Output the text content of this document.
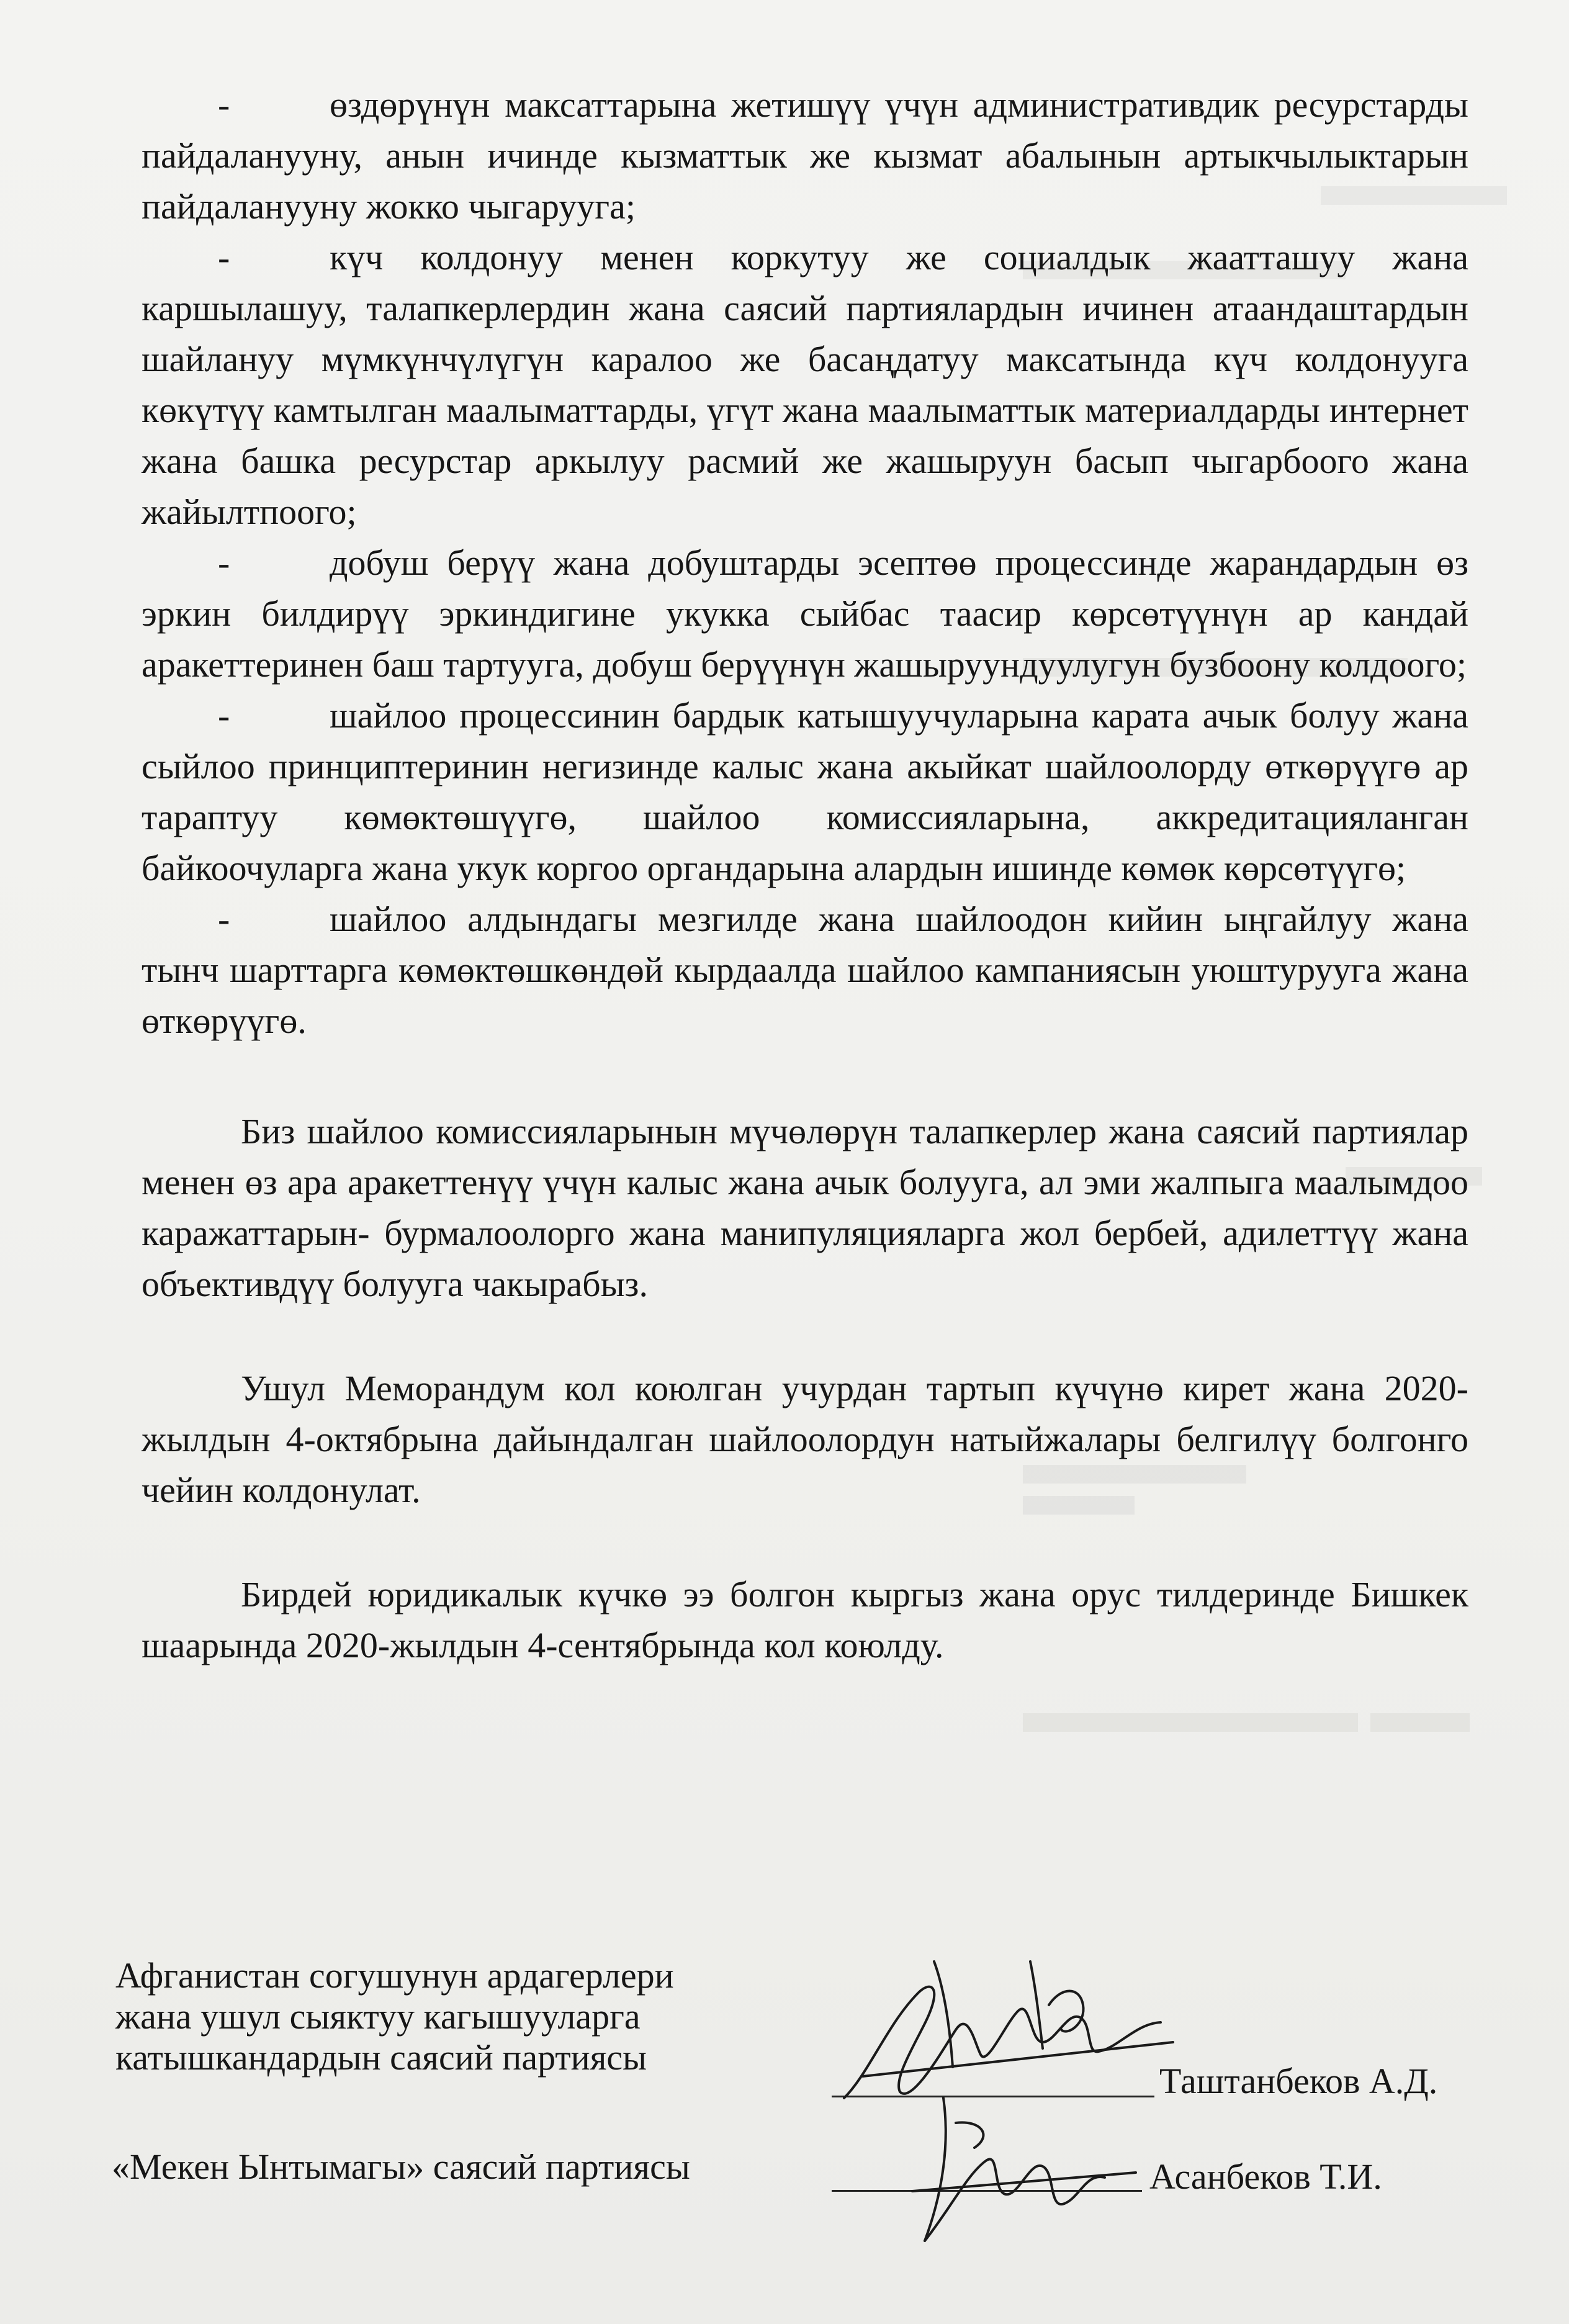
-	өздөрүнүн максаттарына жетишүү үчүн административдик ресурстарды пайдаланууну, анын ичинде кызматтык же кызмат абалынын артыкчылыктарын пайдаланууну жокко чыгарууга;

-	күч колдонуу менен коркутуу же социалдык жаатташуу жана каршылашуу, талапкерлердин жана саясий партиялардын ичинен атаандаштардын шайлануу мүмкүнчүлүгүн каралоо же басаңдатуу максатында күч колдонууга көкүтүү камтылган маалыматтарды, үгүт жана маалыматтык материалдарды интернет жана башка ресурстар аркылуу расмий же жашыруун басып чыгарбоого жана жайылтпоого;

-	добуш берүү жана добуштарды эсептөө процессинде жарандардын өз эркин билдирүү эркиндигине укукка сыйбас таасир көрсөтүүнүн ар кандай аракеттеринен баш тартууга, добуш берүүнүн жашыруундуулугун бузбоону колдоого;

-	шайлоо процессинин бардык катышуучуларына карата ачык болуу жана сыйлоо принциптеринин негизинде калыс жана акыйкат шайлоолорду өткөрүүгө ар тараптуу көмөктөшүүгө, шайлоо комиссияларына, аккредитацияланган байкоочуларга жана укук коргоо органдарына алардын ишинде көмөк көрсөтүүгө;

-	шайлоо алдындагы мезгилде жана шайлоодон кийин ыңгайлуу жана тынч шарттарга көмөктөшкөндөй кырдаалда шайлоо кампаниясын уюштурууга жана өткөрүүгө.

Биз шайлоо комиссияларынын мүчөлөрүн талапкерлер жана саясий партиялар менен өз ара аракеттенүү үчүн калыс жана ачык болууга, ал эми жалпыга маалымдоо каражаттарын- бурмалоолорго жана манипуляцияларга жол бербей, адилеттүү жана объективдүү болууга чакырабыз.

Ушул Меморандум кол коюлган учурдан тартып күчүнө кирет жана 2020-жылдын 4-октябрына дайындалган шайлоолордун натыйжалары белгилүү болгонго чейин колдонулат.

Бирдей юридикалык күчкө ээ болгон кыргыз жана орус тилдеринде Бишкек шаарында 2020-жылдын 4-сентябрында кол коюлду.

Афганистан согушунун ардагерлери
жана ушул сыяктуу кагышууларга
катышкандардын саясий партиясы
Таштанбеков А.Д.
«Мекен Ынтымагы» саясий партиясы	Асанбеков Т.И.
